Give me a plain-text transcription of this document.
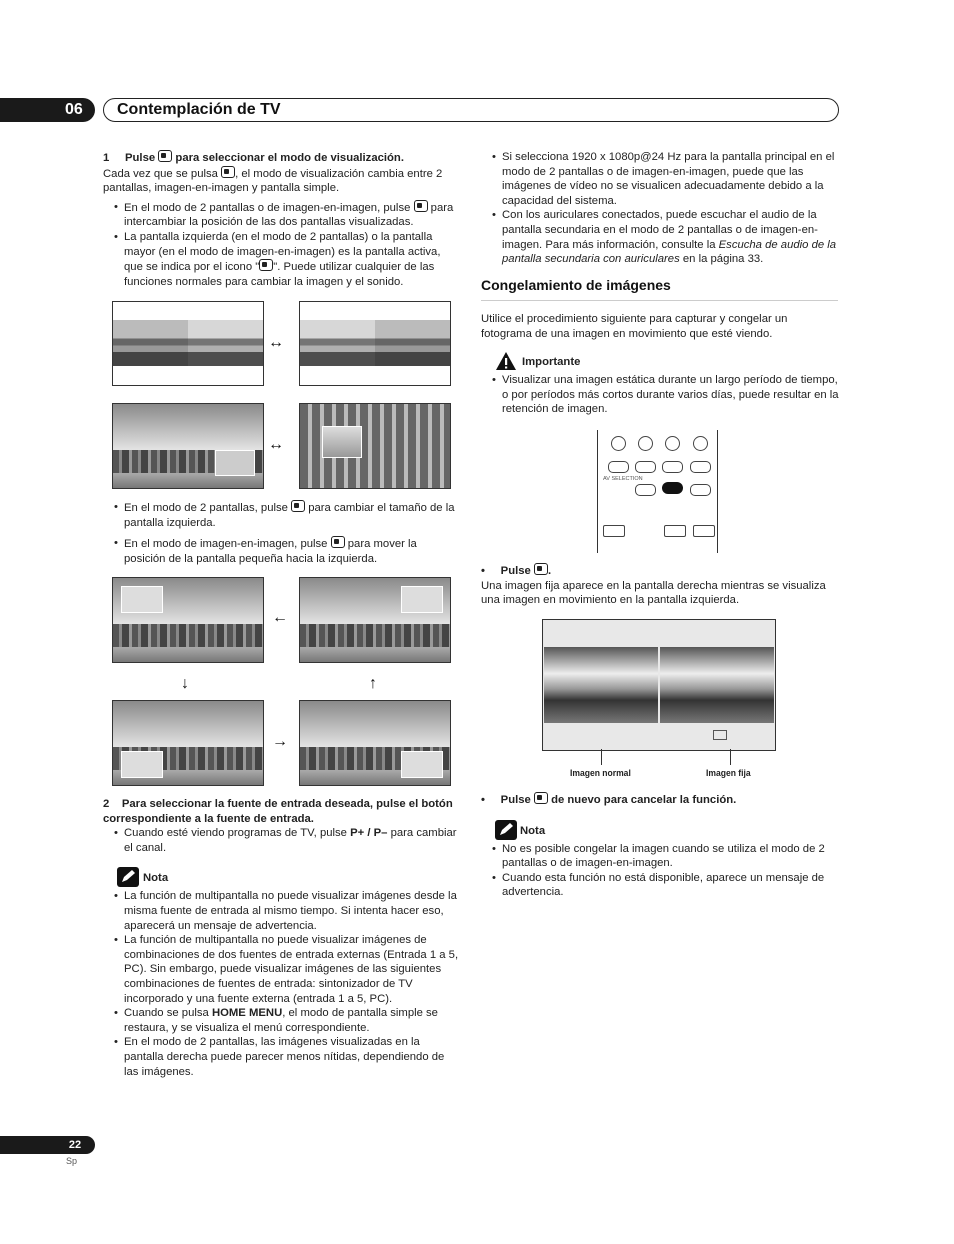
06	Contemplación de TV
1 Pulse para seleccionar el modo de visualización.
Cada vez que se pulsa , el modo de visualización cambia entre 2 pantallas, imagen-en-imagen y pantalla simple.
• En el modo de 2 pantallas o de imagen-en-imagen, pulse para intercambiar la posición de las dos pantallas visualizadas.
• La pantalla izquierda (en el modo de 2 pantallas) o la pantalla mayor (en el modo de imagen-en-imagen) es la pantalla activa, que se indica por el icono " ". Puede utilizar cualquier de las funciones normales para cambiar la imagen y el sonido.
↔
↔
• En el modo de 2 pantallas, pulse para cambiar el tamaño de la pantalla izquierda.
• En el modo de imagen-en-imagen, pulse para mover la posición de la pantalla pequeña hacia la izquierda.
←
↓	↑
→
2 Para seleccionar la fuente de entrada deseada, pulse el botón correspondiente a la fuente de entrada.
• Cuando esté viendo programas de TV, pulse P+ / P– para cambiar el canal.
Nota
• La función de multipantalla no puede visualizar imágenes desde la misma fuente de entrada al mismo tiempo. Si intenta hacer eso, aparecerá un mensaje de advertencia.
• La función de multipantalla no puede visualizar imágenes de combinaciones de dos fuentes de entrada externas (Entrada 1 a 5, PC). Sin embargo, puede visualizar imágenes de las siguientes combinaciones de fuentes de entrada: sintonizador de TV incorporado y una fuente externa (entrada 1 a 5, PC).
• Cuando se pulsa HOME MENU, el modo de pantalla simple se restaura, y se visualiza el menú correspondiente.
• En el modo de 2 pantallas, las imágenes visualizadas en la pantalla derecha puede parecer menos nítidas, dependiendo de las imágenes.
• Si selecciona 1920 x 1080p@24 Hz para la pantalla principal en el modo de 2 pantallas o de imagen-en-imagen, puede que las imágenes de vídeo no se visualicen adecuadamente debido a la capacidad del sistema.
• Con los auriculares conectados, puede escuchar el audio de la pantalla secundaria en el modo de 2 pantallas o de imagen-en-imagen. Para más información, consulte la Escucha de audio de la pantalla secundaria con auriculares en la página 33.
Congelamiento de imágenes
Utilice el procedimiento siguiente para capturar y congelar un fotograma de una imagen en movimiento que esté viendo.
Importante
• Visualizar una imagen estática durante un largo período de tiempo, o por períodos más cortos durante varios días, puede resultar en la retención de imagen.
AV SELECTION
•     Pulse .
Una imagen fija aparece en la pantalla derecha mientras se visualiza una imagen en movimiento en la pantalla izquierda.
Imagen normal	Imagen fija
•     Pulse de nuevo para cancelar la función.
Nota
• No es posible congelar la imagen cuando se utiliza el modo de 2 pantallas o de imagen-en-imagen.
• Cuando esta función no está disponible, aparece un mensaje de advertencia.
22
Sp
